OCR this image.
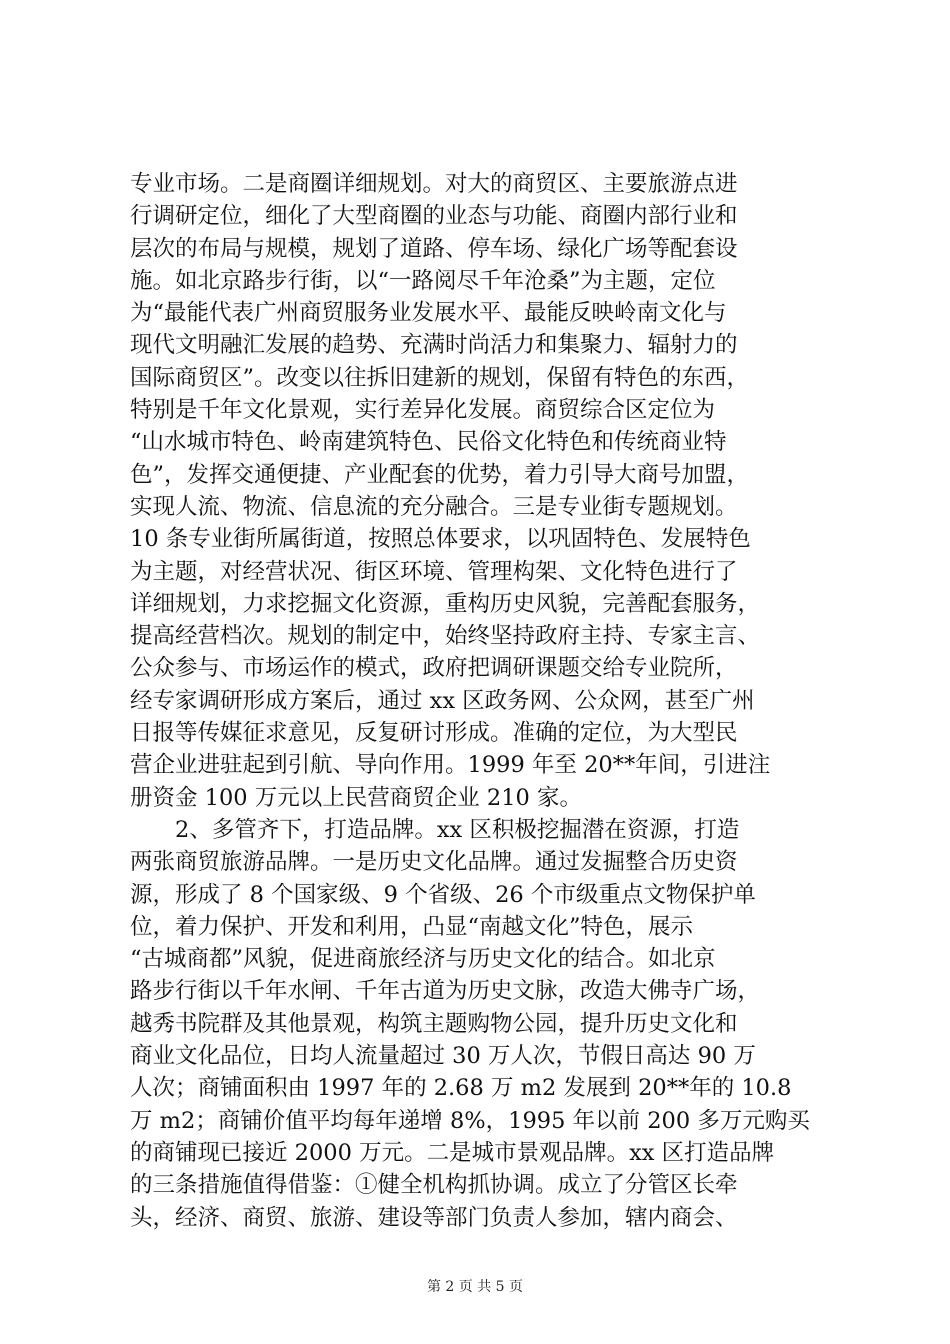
专业市场。二是商圈详细规划。对大的商贸区、主要旅游点进
行调研定位，细化了大型商圈的业态与功能、商圈内部行业和
层次的布局与规模，规划了道路、停车场、绿化广场等配套设
施。如北京路步行街，以“一路阅尽千年沧桑”为主题，定位
为“最能代表广州商贸服务业发展水平、最能反映岭南文化与
现代文明融汇发展的趋势、充满时尚活力和集聚力、辐射力的
国际商贸区”。改变以往拆旧建新的规划，保留有特色的东西，
特别是千年文化景观，实行差异化发展。商贸综合区定位为
“山水城市特色、岭南建筑特色、民俗文化特色和传统商业特
色”，发挥交通便捷、产业配套的优势，着力引导大商号加盟，
实现人流、物流、信息流的充分融合。三是专业街专题规划。
10 条专业街所属街道，按照总体要求，以巩固特色、发展特色
为主题，对经营状况、街区环境、管理构架、文化特色进行了
详细规划，力求挖掘文化资源，重构历史风貌，完善配套服务，
提高经营档次。规划的制定中，始终坚持政府主持、专家主言、
公众参与、市场运作的模式，政府把调研课题交给专业院所，
经专家调研形成方案后，通过 xx 区政务网、公众网，甚至广州
日报等传媒征求意见，反复研讨形成。准确的定位，为大型民
营企业进驻起到引航、导向作用。1999 年至 20**年间，引进注
册资金 100 万元以上民营商贸企业 210 家。
　　2、多管齐下，打造品牌。xx 区积极挖掘潜在资源，打造
两张商贸旅游品牌。一是历史文化品牌。通过发掘整合历史资
源，形成了 8 个国家级、9 个省级、26 个市级重点文物保护单
位，着力保护、开发和利用，凸显“南越文化”特色，展示
“古城商都”风貌，促进商旅经济与历史文化的结合。如北京
路步行街以千年水闸、千年古道为历史文脉，改造大佛寺广场，
越秀书院群及其他景观，构筑主题购物公园，提升历史文化和
商业文化品位，日均人流量超过 30 万人次，节假日高达 90 万
人次；商铺面积由 1997 年的 2.68 万 m2 发展到 20**年的 10.8
万 m2；商铺价值平均每年递增 8%，1995 年以前 200 多万元购买
的商铺现已接近 2000 万元。二是城市景观品牌。xx 区打造品牌
的三条措施值得借鉴：①健全机构抓协调。成立了分管区长牵
头，经济、商贸、旅游、建设等部门负责人参加，辖内商会、
第 2 页 共 5 页
